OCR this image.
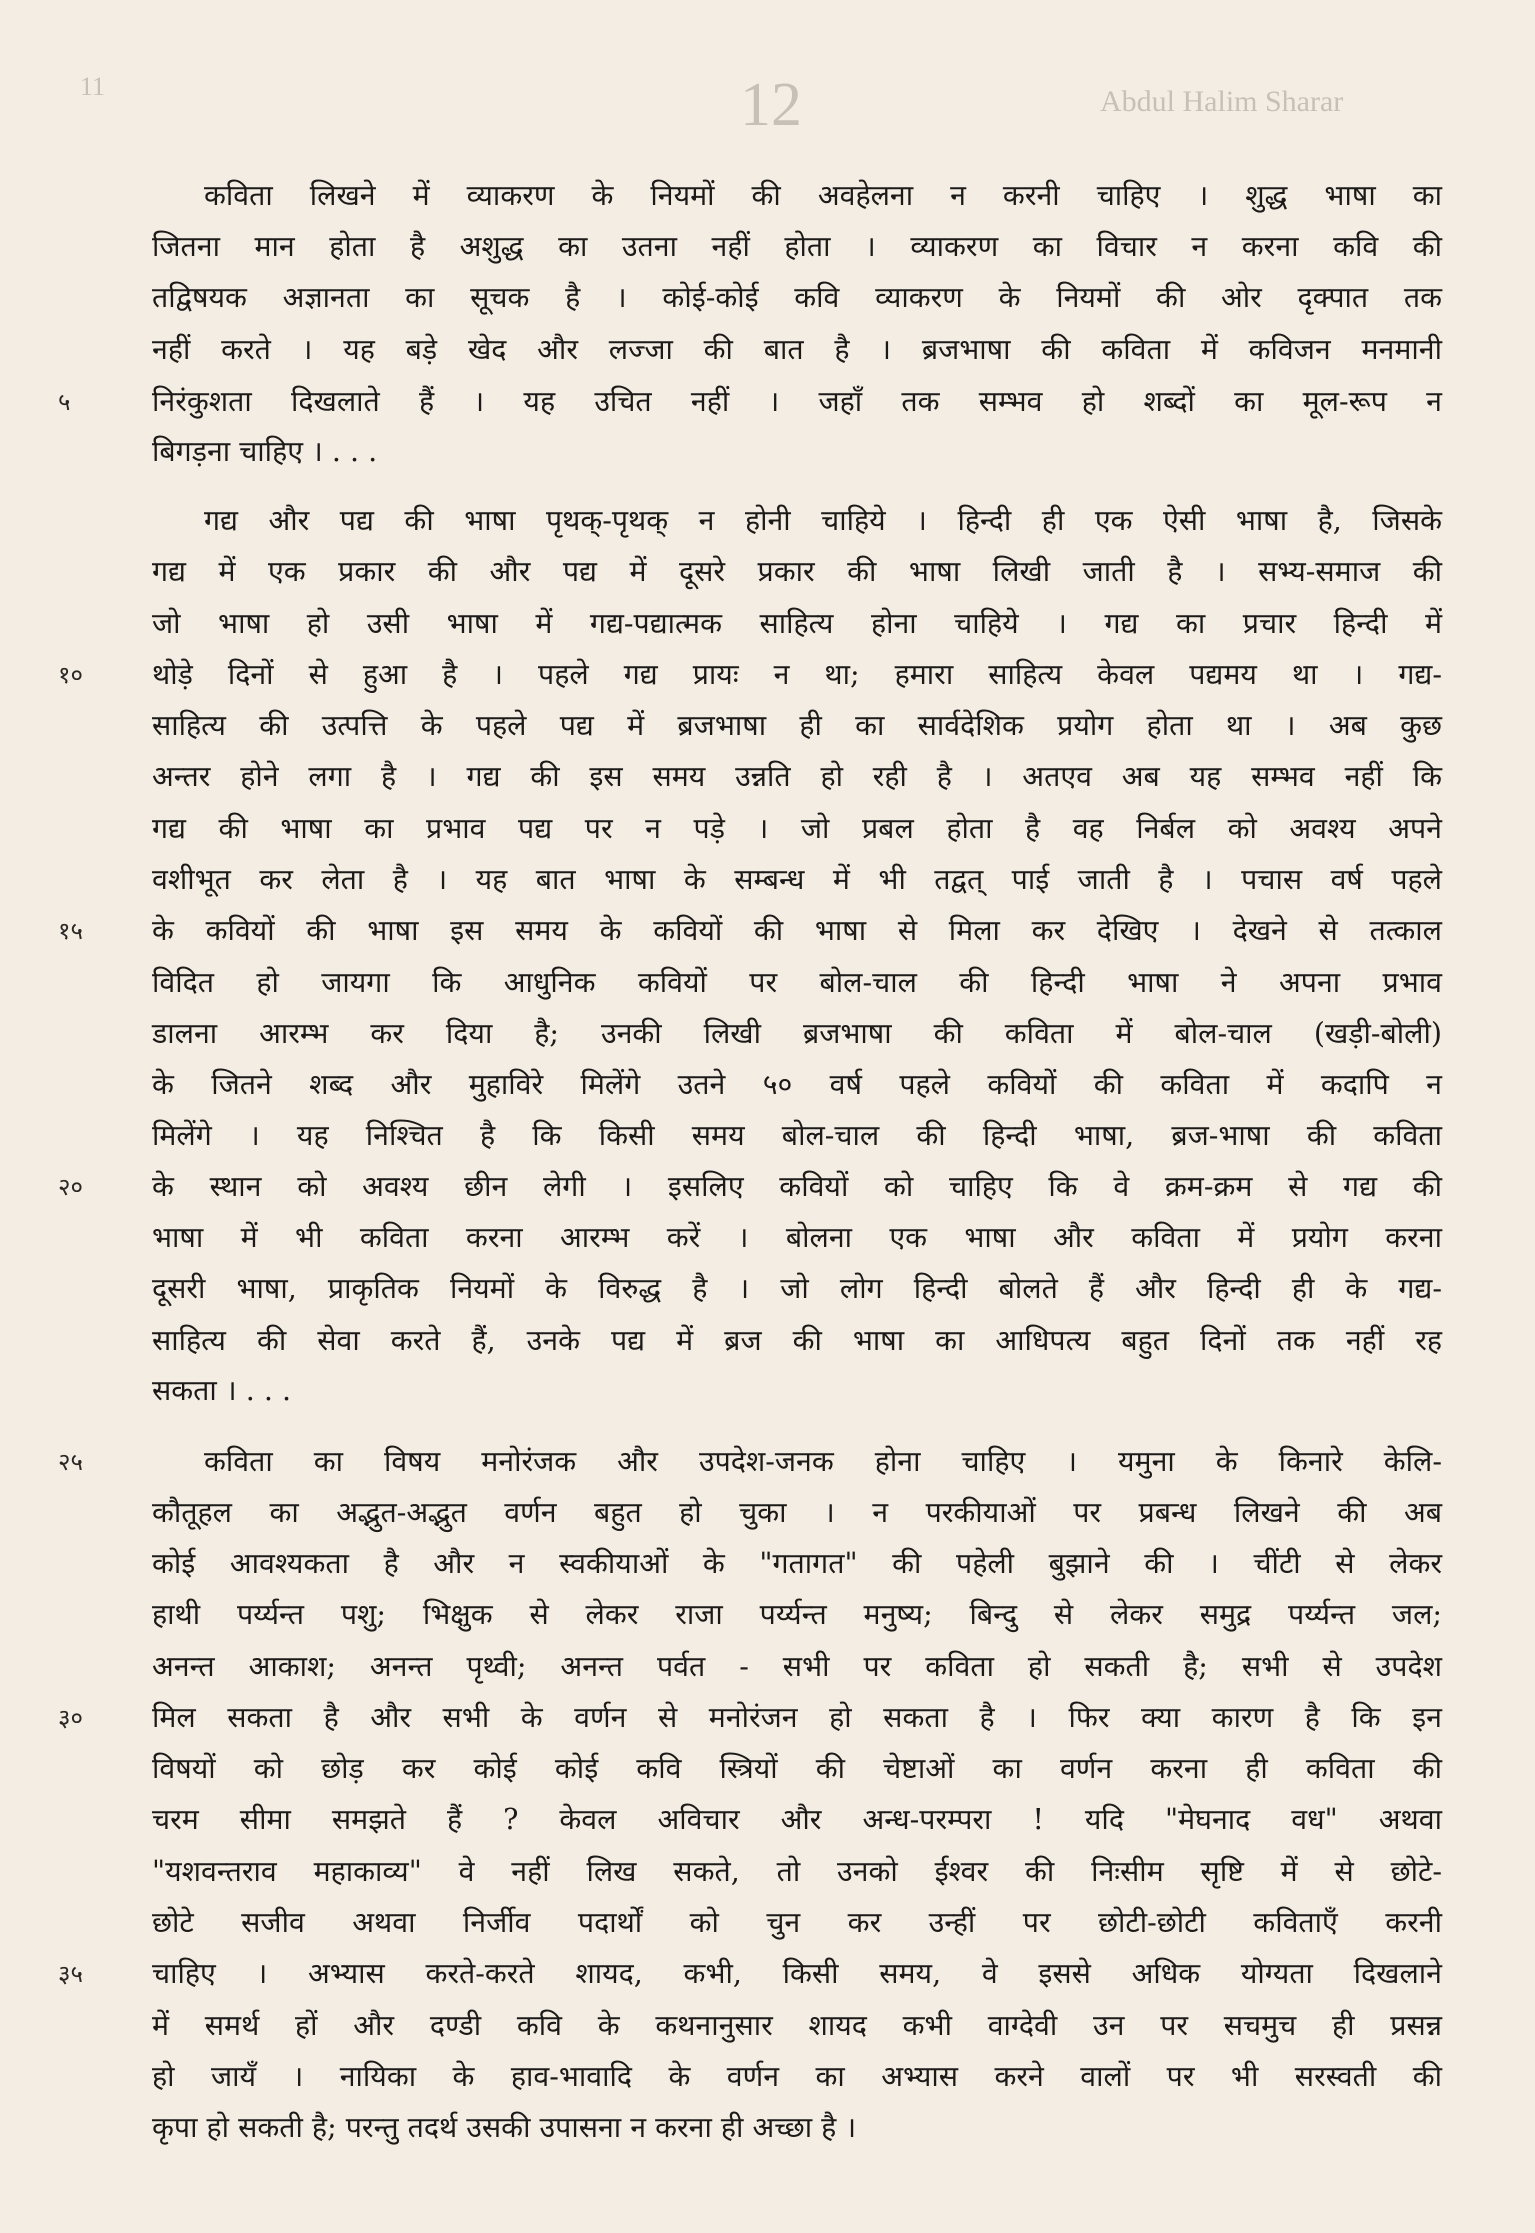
11	12	Abdul Halim Sharar
कविता लिखने में व्याकरण के नियमों की अवहेलना न करनी चाहिए । शुद्ध भाषा का
जितना मान होता है अशुद्ध का उतना नहीं होता । व्याकरण का विचार न करना कवि की
तद्विषयक अज्ञानता का सूचक है । कोई-कोई कवि व्याकरण के नियमों की ओर दृक्पात तक
नहीं करते । यह बड़े खेद और लज्जा की बात है । ब्रजभाषा की कविता में कविजन मनमानी
निरंकुशता दिखलाते हैं । यह उचित नहीं । जहाँ तक सम्भव हो शब्दों का मूल-रूप न
५
बिगड़ना चाहिए । . . .
गद्य और पद्य की भाषा पृथक्-पृथक् न होनी चाहिये । हिन्दी ही एक ऐसी भाषा है, जिसके
गद्य में एक प्रकार की और पद्य में दूसरे प्रकार की भाषा लिखी जाती है । सभ्य-समाज की
जो भाषा हो उसी भाषा में गद्य-पद्यात्मक साहित्य होना चाहिये । गद्य का प्रचार हिन्दी में
थोड़े दिनों से हुआ है । पहले गद्य प्रायः न था; हमारा साहित्य केवल पद्यमय था । गद्य-
१०
साहित्य की उत्पत्ति के पहले पद्य में ब्रजभाषा ही का सार्वदेशिक प्रयोग होता था । अब कुछ
अन्तर होने लगा है । गद्य की इस समय उन्नति हो रही है । अतएव अब यह सम्भव नहीं कि
गद्य की भाषा का प्रभाव पद्य पर न पड़े । जो प्रबल होता है वह निर्बल को अवश्य अपने
वशीभूत कर लेता है । यह बात भाषा के सम्बन्ध में भी तद्वत् पाई जाती है । पचास वर्ष पहले
के कवियों की भाषा इस समय के कवियों की भाषा से मिला कर देखिए । देखने से तत्काल
१५
विदित हो जायगा कि आधुनिक कवियों पर बोल-चाल की हिन्दी भाषा ने अपना प्रभाव
डालना आरम्भ कर दिया है; उनकी लिखी ब्रजभाषा की कविता में बोल-चाल (खड़ी-बोली)
के जितने शब्द और मुहाविरे मिलेंगे उतने ५० वर्ष पहले कवियों की कविता में कदापि न
मिलेंगे । यह निश्चित है कि किसी समय बोल-चाल की हिन्दी भाषा, ब्रज-भाषा की कविता
के स्थान को अवश्य छीन लेगी । इसलिए कवियों को चाहिए कि वे क्रम-क्रम से गद्य की
२०
भाषा में भी कविता करना आरम्भ करें । बोलना एक भाषा और कविता में प्रयोग करना
दूसरी भाषा, प्राकृतिक नियमों के विरुद्ध है । जो लोग हिन्दी बोलते हैं और हिन्दी ही के गद्य-
साहित्य की सेवा करते हैं, उनके पद्य में ब्रज की भाषा का आधिपत्य बहुत दिनों तक नहीं रह
सकता । . . .
कविता का विषय मनोरंजक और उपदेश-जनक होना चाहिए । यमुना के किनारे केलि-
२५
कौतूहल का अद्भुत-अद्भुत वर्णन बहुत हो चुका । न परकीयाओं पर प्रबन्ध लिखने की अब
कोई आवश्यकता है और न स्वकीयाओं के "गतागत" की पहेली बुझाने की । चींटी से लेकर
हाथी पर्य्यन्त पशु; भिक्षुक से लेकर राजा पर्य्यन्त मनुष्य; बिन्दु से लेकर समुद्र पर्य्यन्त जल;
अनन्त आकाश; अनन्त पृथ्वी; अनन्त पर्वत - सभी पर कविता हो सकती है; सभी से उपदेश
मिल सकता है और सभी के वर्णन से मनोरंजन हो सकता है । फिर क्या कारण है कि इन
३०
विषयों को छोड़ कर कोई कोई कवि स्त्रियों की चेष्टाओं का वर्णन करना ही कविता की
चरम सीमा समझते हैं ? केवल अविचार और अन्ध-परम्परा ! यदि "मेघनाद वध" अथवा
"यशवन्तराव महाकाव्य" वे नहीं लिख सकते, तो उनको ईश्वर की निःसीम सृष्टि में से छोटे-
छोटे सजीव अथवा निर्जीव पदार्थों को चुन कर उन्हीं पर छोटी-छोटी कविताएँ करनी
चाहिए । अभ्यास करते-करते शायद, कभी, किसी समय, वे इससे अधिक योग्यता दिखलाने
३५
में समर्थ हों और दण्डी कवि के कथनानुसार शायद कभी वाग्देवी उन पर सचमुच ही प्रसन्न
हो जायँ । नायिका के हाव-भावादि के वर्णन का अभ्यास करने वालों पर भी सरस्वती की
कृपा हो सकती है; परन्तु तदर्थ उसकी उपासना न करना ही अच्छा है ।
